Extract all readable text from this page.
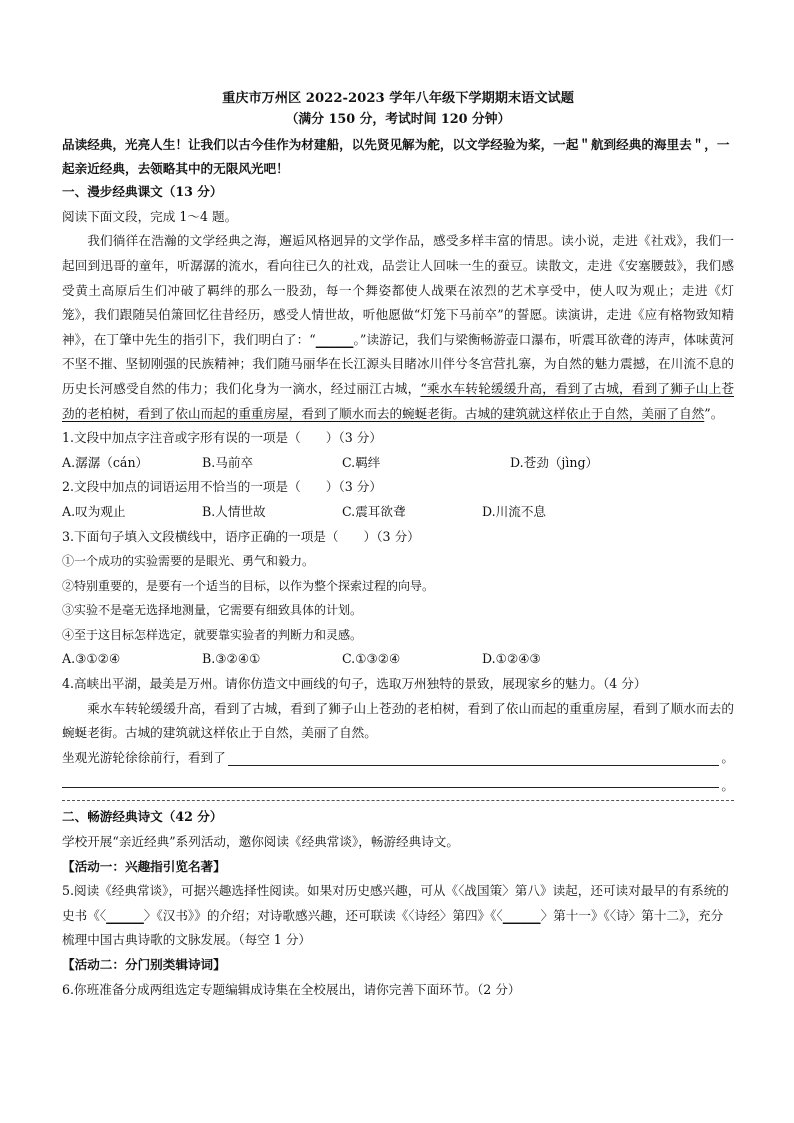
重庆市万州区 2022-2023 学年八年级下学期期末语文试题

（满分 150 分，考试时间 120 分钟）

品读经典，光亮人生！让我们以古今佳作为材建船，以先贤见解为舵，以文学经验为桨，一起＂航到经典的海里去＂，一起亲近经典，去领略其中的无限风光吧！

一、漫步经典课文（13 分）

阅读下面文段，完成 1～4 题。

我们徜徉在浩瀚的文学经典之海，邂逅风格迥异的文学作品，感受多样丰富的情思。读小说，走进《社戏》，我们一起回到迅哥的童年，听潺潺的流水，看向往已久的社戏，品尝让人回味一生的蚕豆。读散文，走进《安塞腰鼓》，我们感受黄土高原后生们冲破了羁绊的那么一股劲，每一个舞姿都使人战栗在浓烈的艺术享受中，使人叹为观止；走进《灯笼》，我们跟随吴伯箫回忆往昔经历，感受人情世故，听他愿做“灯笼下马前卒”的誓愿。读演讲，走进《应有格物致知精神》，在丁肇中先生的指引下，我们明白了：“______。”读游记，我们与梁衡畅游壶口瀑布，听震耳欲聋的涛声，体味黄河不坚不摧、坚韧刚强的民族精神；我们随马丽华在长江源头目睹冰川伴兮冬宫营扎寨，为自然的魅力震撼，在川流不息的历史长河感受自然的伟力；我们化身为一滴水，经过丽江古城，“乘水车转轮缓缓升高，看到了古城，看到了狮子山上苍劲的老柏树，看到了依山而起的重重房屋，看到了顺水而去的蜿蜒老街。古城的建筑就这样依止于自然，美丽了自然”。

1.文段中加点字注音或字形有误的一项是（　　）（3 分）

A.潺潺（cán）	B.马前卒	C.羁绊	D.苍劲（jìng）

2.文段中加点的词语运用不恰当的一项是（　　）（3 分）

A.叹为观止	B.人情世故	C.震耳欲聋	D.川流不息

3.下面句子填入文段横线中，语序正确的一项是（　　）（3 分）

①一个成功的实验需要的是眼光、勇气和毅力。

②特别重要的，是要有一个适当的目标，以作为整个探索过程的向导。

③实验不是毫无选择地测量，它需要有细致具体的计划。

④至于这目标怎样选定，就要靠实验者的判断力和灵感。

A.③①②④	B.③②④①	C.①③②④	D.①②④③

4.高峡出平湖，最美是万州。请你仿造文中画线的句子，选取万州独特的景致，展现家乡的魅力。（4 分）

乘水车转轮缓缓升高，看到了古城，看到了狮子山上苍劲的老柏树，看到了依山而起的重重房屋，看到了顺水而去的蜿蜒老街。古城的建筑就这样依止于自然，美丽了自然。

坐观光游轮徐徐前行，看到了	。
。

二、畅游经典诗文（42 分）

学校开展“亲近经典”系列活动，邀你阅读《经典常谈》，畅游经典诗文。

【活动一：兴趣指引览名著】

5.阅读《经典常谈》，可据兴趣选择性阅读。如果对历史感兴趣，可从《〈战国策〉第八》读起，还可读对最早的有系统的史书《〈______〉《汉书》》的介绍；对诗歌感兴趣，还可联读《〈诗经〉第四》《〈______〉第十一》《〈诗〉第十二》，充分梳理中国古典诗歌的文脉发展。（每空 1 分）

【活动二：分门别类辑诗词】

6.你班准备分成两组选定专题编辑成诗集在全校展出，请你完善下面环节。（2 分）
